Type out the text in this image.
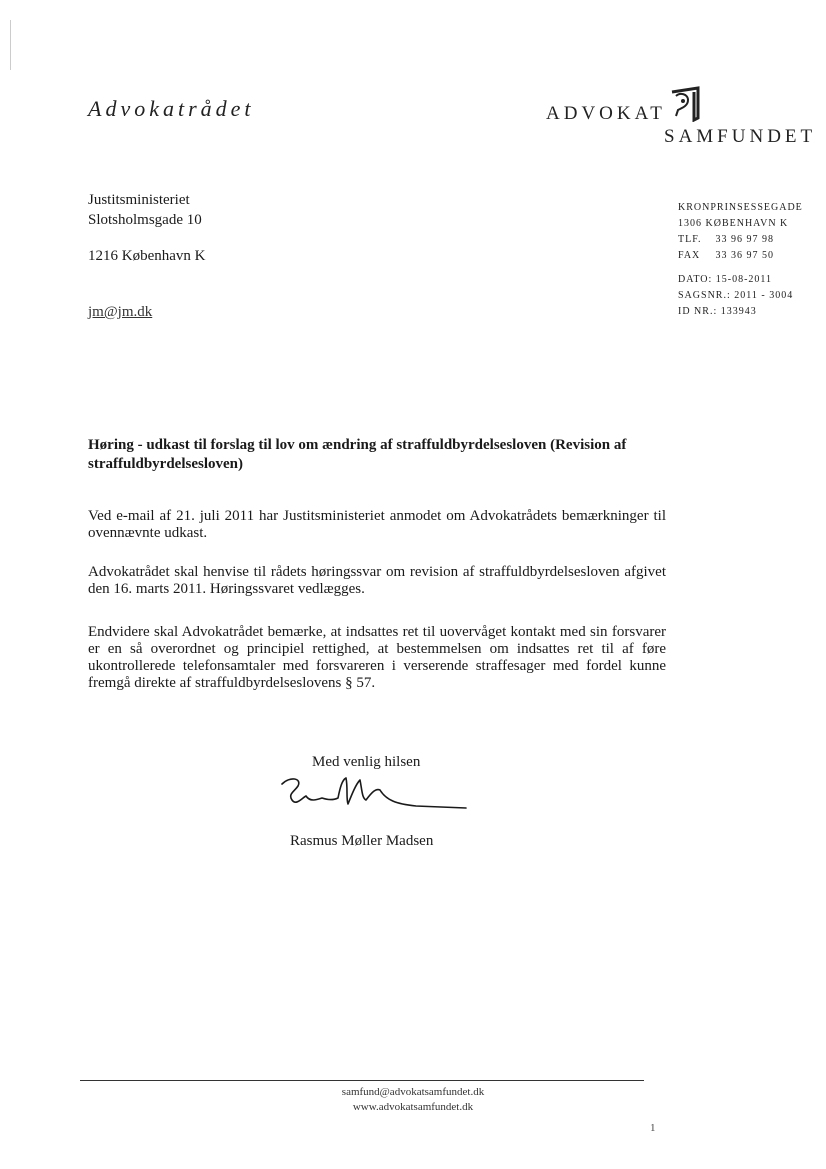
Advokatrådet	ADVOKAT
SAMFUNDET
Justitsministeriet
Slotsholmsgade 10
1216 København K
jm@jm.dk
KRONPRINSESSEGADE
1306 KØBENHAVN K
TLF. 33 96 97 98
FAX 33 36 97 50
DATO: 15-08-2011
SAGSNR.: 2011 - 3004
ID NR.: 133943
Høring - udkast til forslag til lov om ændring af straffuldbyrdelsesloven (Revision af straffuldbyrdelsesloven)
Ved e-mail af 21. juli 2011 har Justitsministeriet anmodet om Advokatrådets bemærkninger til ovennævnte udkast.
Advokatrådet skal henvise til rådets høringssvar om revision af straffuldbyrdelsesloven afgivet den 16. marts 2011. Høringssvaret vedlægges.
Endvidere skal Advokatrådet bemærke, at indsattes ret til uovervåget kontakt med sin forsvarer er en så overordnet og principiel rettighed, at bestemmelsen om indsattes ret til af føre ukontrollerede telefonsamtaler med forsvareren i verserende straffesager med fordel kunne fremgå direkte af straffuldbyrdelseslovens § 57.
Med venlig hilsen
Rasmus Møller Madsen
samfund@advokatsamfundet.dk
www.advokatsamfundet.dk
1
